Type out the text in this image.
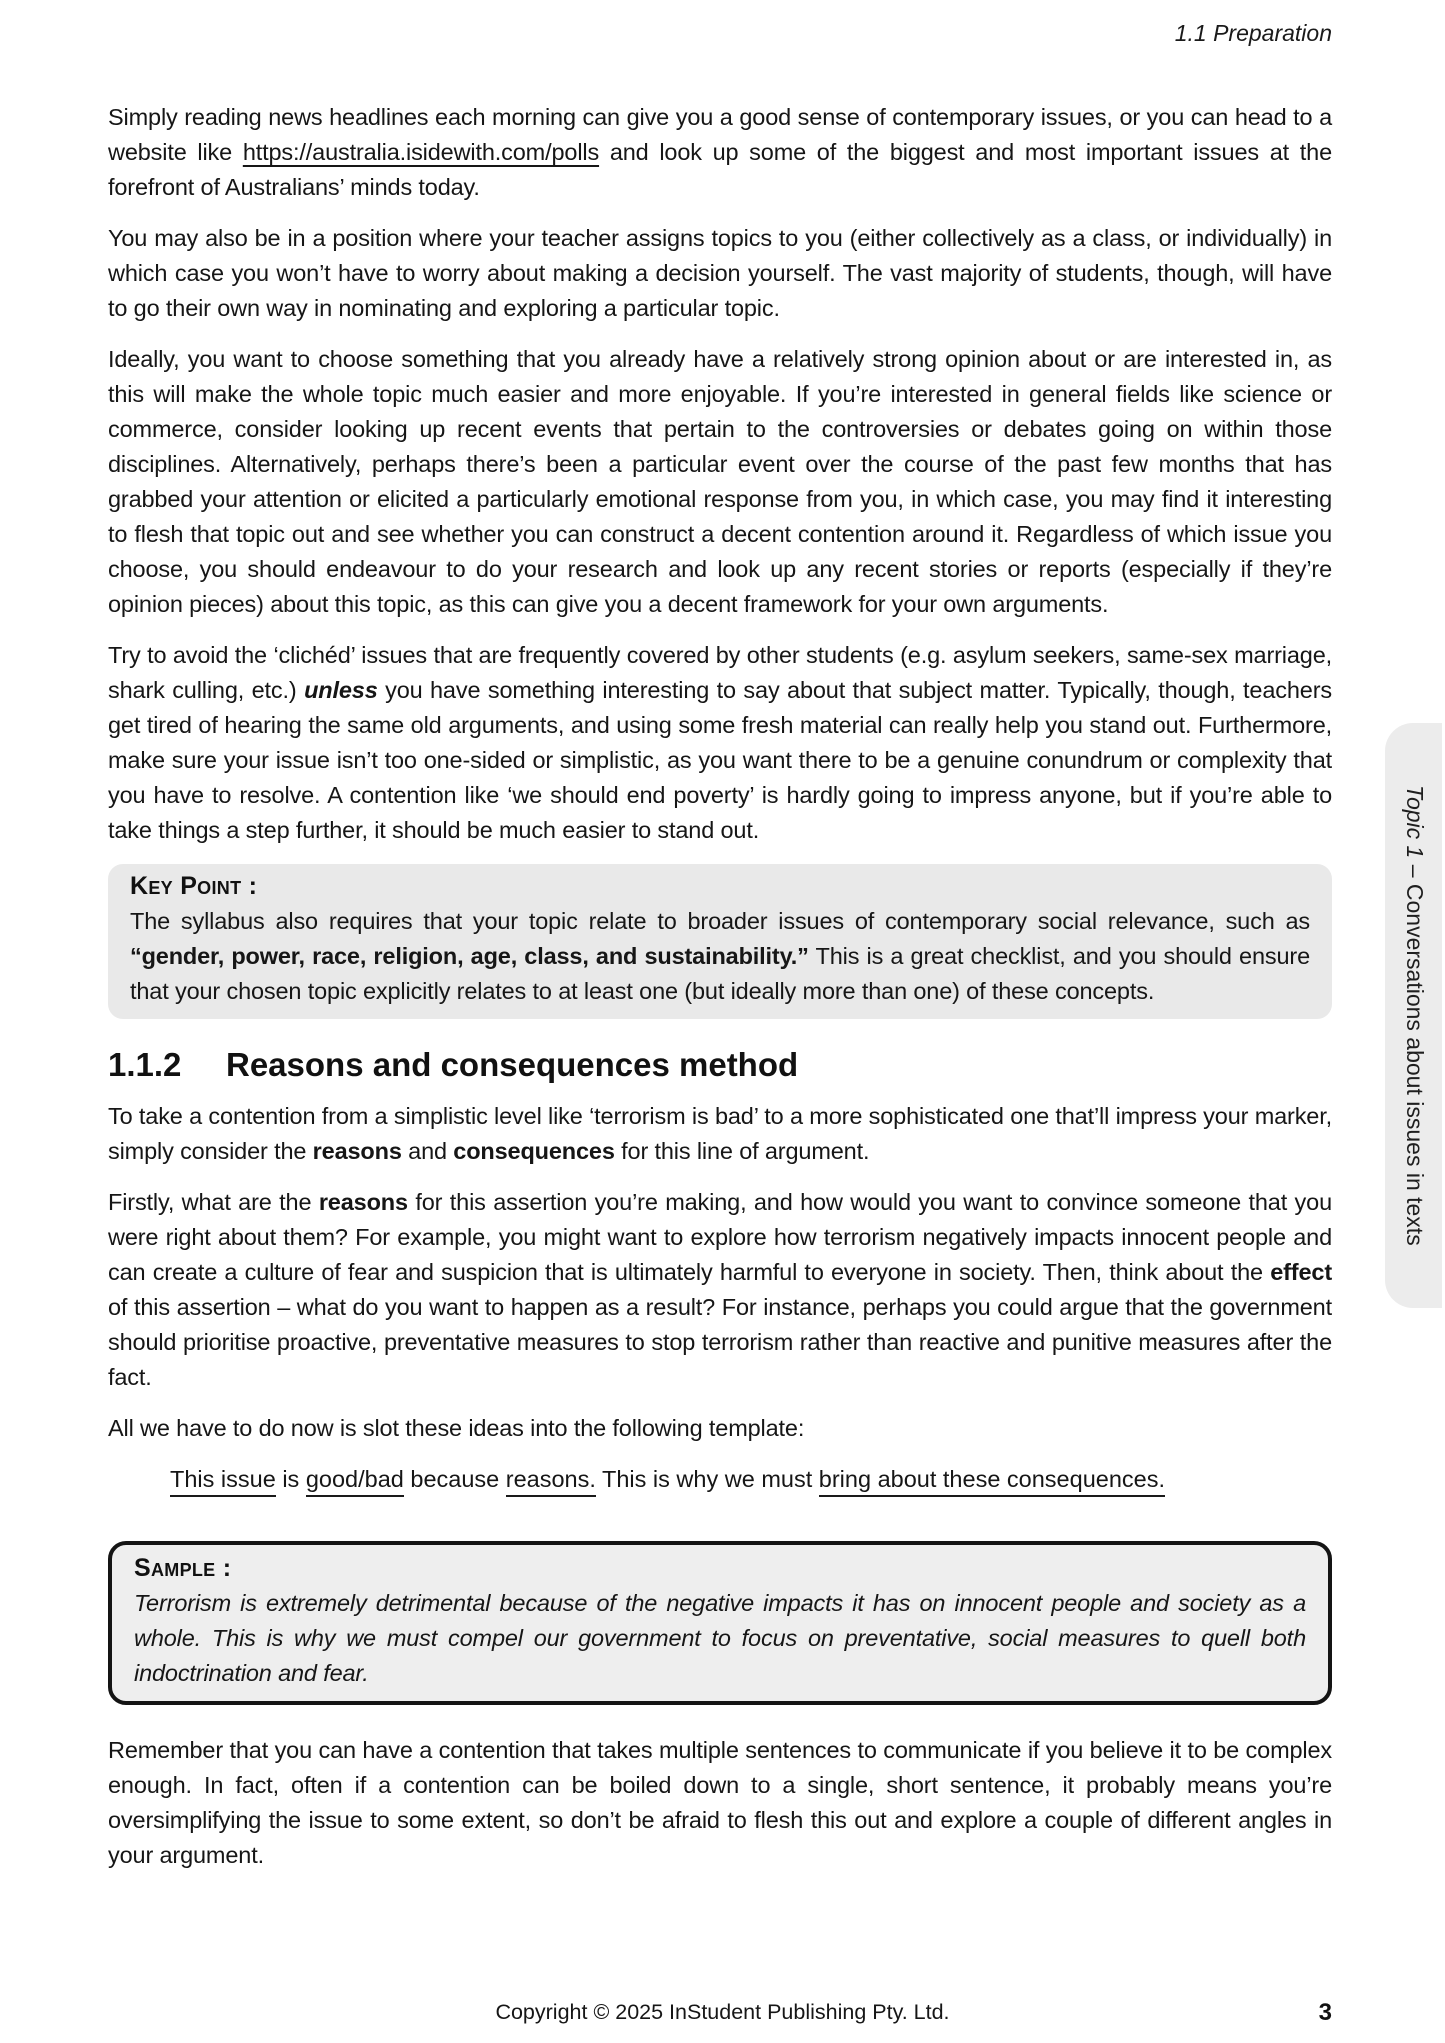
1.1 Preparation

Simply reading news headlines each morning can give you a good sense of contemporary issues, or you can head to a website like https://australia.isidewith.com/polls and look up some of the biggest and most important issues at the forefront of Australians’ minds today.

You may also be in a position where your teacher assigns topics to you (either collectively as a class, or individually) in which case you won’t have to worry about making a decision yourself. The vast majority of students, though, will have to go their own way in nominating and exploring a particular topic.

Ideally, you want to choose something that you already have a relatively strong opinion about or are interested in, as this will make the whole topic much easier and more enjoyable. If you’re interested in general fields like science or commerce, consider looking up recent events that pertain to the controversies or debates going on within those disciplines. Alternatively, perhaps there’s been a particular event over the course of the past few months that has grabbed your attention or elicited a particularly emotional response from you, in which case, you may find it interesting to flesh that topic out and see whether you can construct a decent contention around it. Regardless of which issue you choose, you should endeavour to do your research and look up any recent stories or reports (especially if they’re opinion pieces) about this topic, as this can give you a decent framework for your own arguments.

Try to avoid the ‘clichéd’ issues that are frequently covered by other students (e.g. asylum seekers, same-sex marriage, shark culling, etc.) unless you have something interesting to say about that subject matter. Typically, though, teachers get tired of hearing the same old arguments, and using some fresh material can really help you stand out. Furthermore, make sure your issue isn’t too one-sided or simplistic, as you want there to be a genuine conundrum or complexity that you have to resolve. A contention like ‘we should end poverty’ is hardly going to impress anyone, but if you’re able to take things a step further, it should be much easier to stand out.

Key Point :

The syllabus also requires that your topic relate to broader issues of contemporary social relevance, such as “gender, power, race, religion, age, class, and sustainability.” This is a great checklist, and you should ensure that your chosen topic explicitly relates to at least one (but ideally more than one) of these concepts.

1.1.2 Reasons and consequences method

To take a contention from a simplistic level like ‘terrorism is bad’ to a more sophisticated one that’ll impress your marker, simply consider the reasons and consequences for this line of argument.

Firstly, what are the reasons for this assertion you’re making, and how would you want to convince someone that you were right about them? For example, you might want to explore how terrorism negatively impacts innocent people and can create a culture of fear and suspicion that is ultimately harmful to everyone in society. Then, think about the effect of this assertion – what do you want to happen as a result? For instance, perhaps you could argue that the government should prioritise proactive, preventative measures to stop terrorism rather than reactive and punitive measures after the fact.

All we have to do now is slot these ideas into the following template:

This issue is good/bad because reasons. This is why we must bring about these consequences.

Sample :

Terrorism is extremely detrimental because of the negative impacts it has on innocent people and society as a whole. This is why we must compel our government to focus on preventative, social measures to quell both indoctrination and fear.

Remember that you can have a contention that takes multiple sentences to communicate if you believe it to be complex enough. In fact, often if a contention can be boiled down to a single, short sentence, it probably means you’re oversimplifying the issue to some extent, so don’t be afraid to flesh this out and explore a couple of different angles in your argument.

Topic 1 – Conversations about issues in texts
Copyright © 2025 InStudent Publishing Pty. Ltd.	3
